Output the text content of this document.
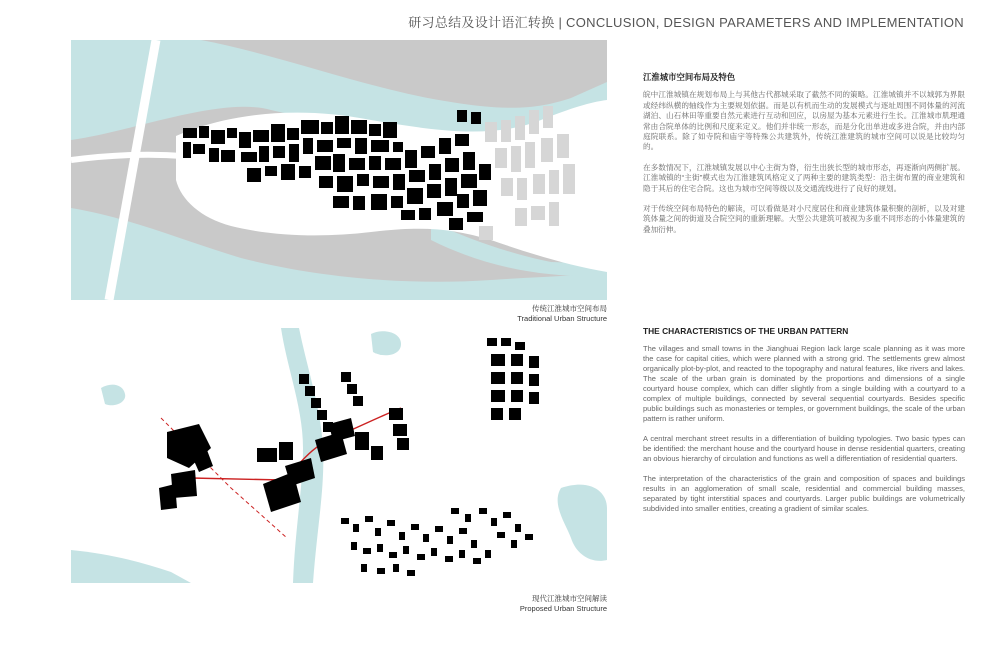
研习总结及设计语汇转换 | CONCLUSION, DESIGN PARAMETERS AND IMPLEMENTATION
传统江淮城市空间布局
Traditional Urban Structure
现代江淮城市空间解读
Proposed Urban Structure
江淮城市空间布局及特色

皖中江淮城镇在规划布局上与其他古代都城采取了截然不同的策略。江淮城镇并不以城郭为界限或经纬纵横的轴线作为主要规划依据。而是以有机而生动的发展模式与逐址周围不同体量的河流湖泊、山石林田等重要自然元素进行互动和回应，以房屋为基本元素进行生长。江淮城市肌理通常由合院单体的比例和尺度来定义。他们并非统一形态，而是分化出单进或多进合院，并由内部庭院联系。除了如寺院和庙宇等特殊公共建筑外，传统江淮建筑的城市空间可以说是比较均匀的。

在多数情况下，江淮城镇发展以中心主街为脊，衍生出狭长型的城市形态，再逐渐向两侧扩展。江淮城镇的“主街”模式也为江淮建筑风格定义了两种主要的建筑类型：沿主街布置的商业建筑和隐于其后的住宅合院。这也为城市空间等级以及交通流线进行了良好的规划。

对于传统空间布局特色的解读，可以看做是对小尺度居住和商业建筑体量积聚的剖析，以及对建筑体量之间的街道及合院空间的重新理解。大型公共建筑可被视为多重不同形态的小体量建筑的叠加衍伸。

THE CHARACTERISTICS OF THE URBAN PATTERN

The villages and small towns in the Jianghuai Region lack large scale planning as it was more the case for capital cities, which were planned with a strong grid. The settlements grew almost organically plot-by-plot, and reacted to the topography and natural features, like rivers and lakes. The scale of the urban grain is dominated by the proportions and dimensions of a single courtyard house complex, which can differ slightly from a single building with a courtyard to a complex of multiple buildings, connected by several sequential courtyards. Besides specific public buildings such as monasteries or temples, or government buildings, the scale of the urban pattern is rather uniform.

A central merchant street results in a differentiation of building typologies. Two basic types can be identified: the merchant house and the courtyard house in dense residential quarters, creating an obvious hierarchy of circulation and functions as well a differentiation of residential quarters.

The interpretation of the characteristics of the grain and composition of spaces and buildings results in an agglomeration of small scale, residential and commercial building masses, separated by tight interstitial spaces and courtyards. Larger public buildings are volumetrically subdivided into smaller entities, creating a gradient of similar scales.
